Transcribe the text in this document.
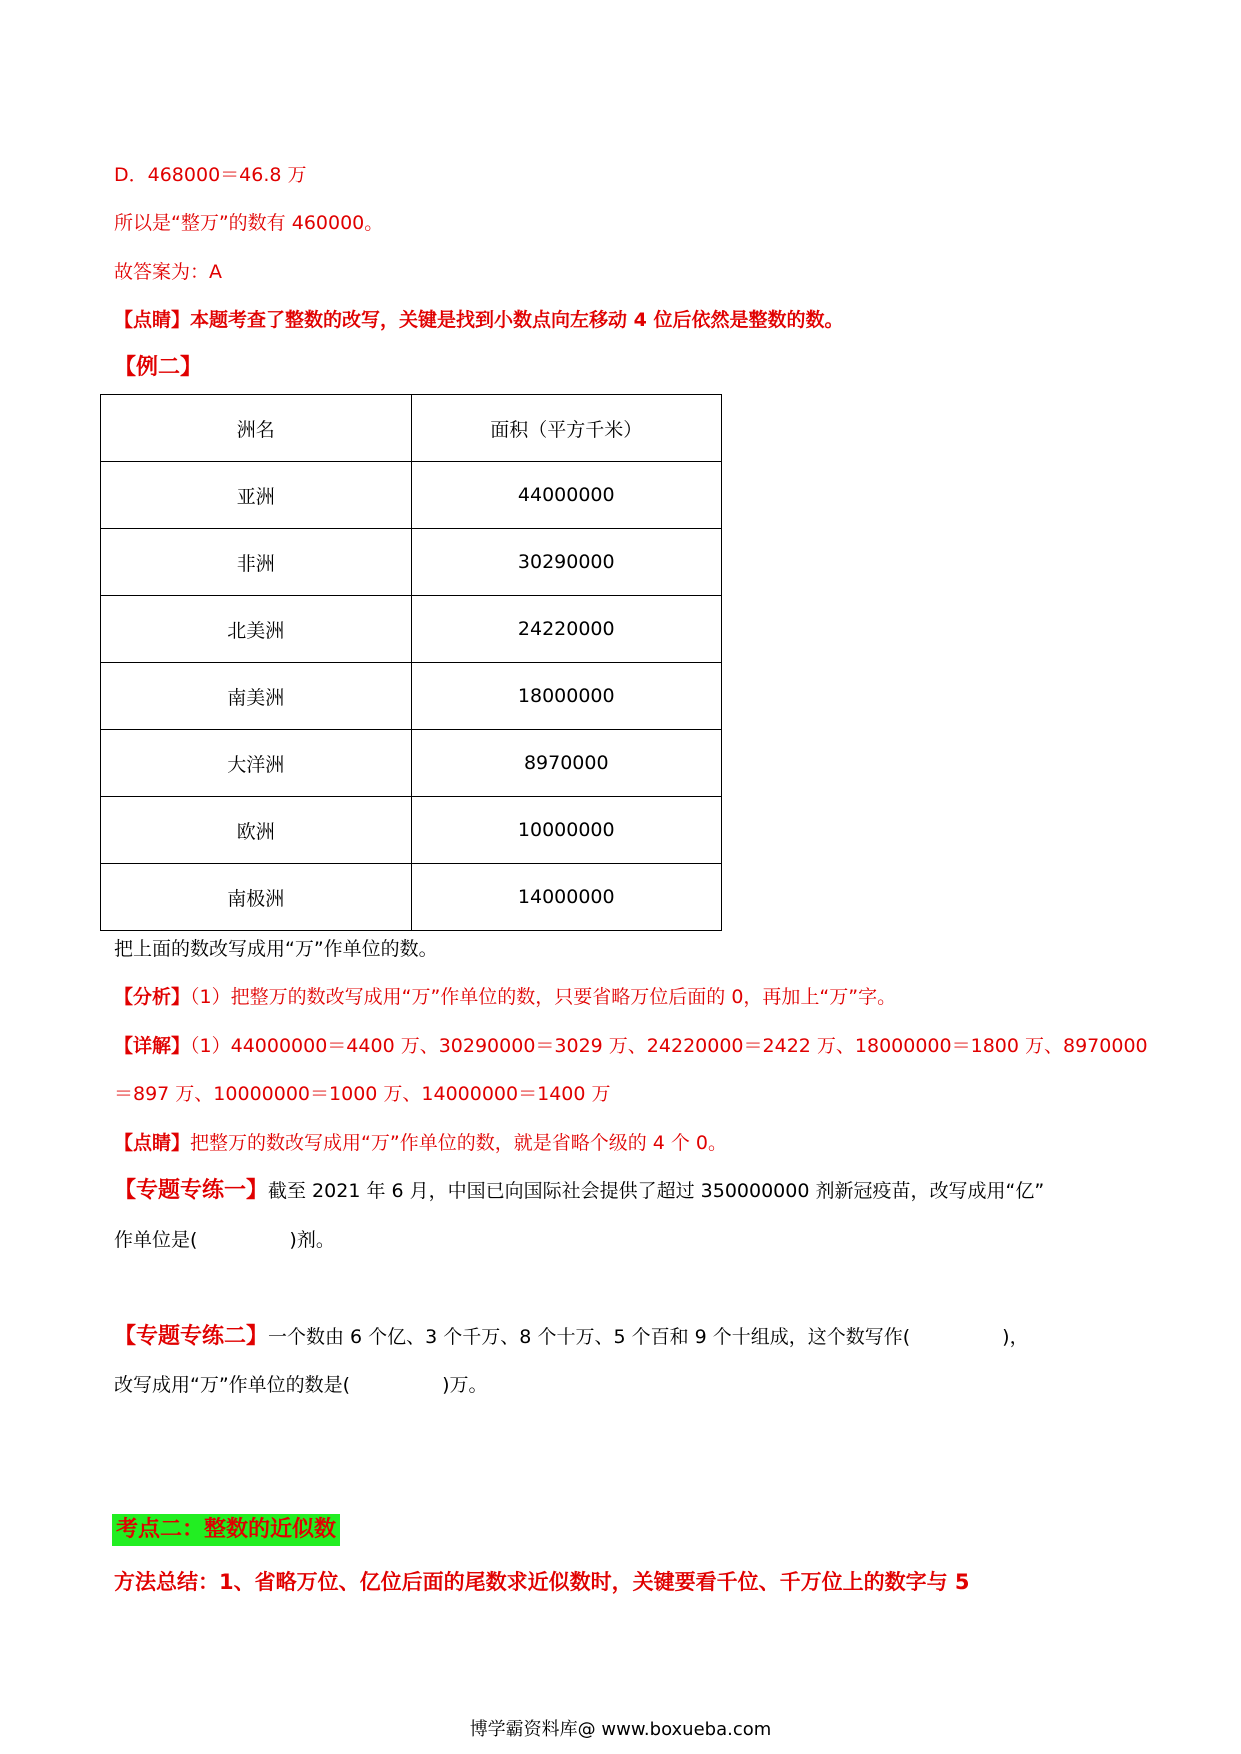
D．468000＝46.8 万
所以是“整万”的数有 460000。
故答案为：A
【点睛】本题考查了整数的改写，关键是找到小数点向左移动 4 位后依然是整数的数。
【例二】
洲名	面积（平方千米）
亚洲	44000000
非洲	30290000
北美洲	24220000
南美洲	18000000
大洋洲	8970000
欧洲	10000000
南极洲	14000000
把上面的数改写成用“万”作单位的数。
【分析】（1）把整万的数改写成用“万”作单位的数，只要省略万位后面的 0，再加上“万”字。
【详解】（1）44000000＝4400 万、30290000＝3029 万、24220000＝2422 万、18000000＝1800 万、8970000
＝897 万、10000000＝1000 万、14000000＝1400 万
【点睛】把整万的数改写成用“万”作单位的数，就是省略个级的 4 个 0。
【专题专练一】截至 2021 年 6 月，中国已向国际社会提供了超过 350000000 剂新冠疫苗，改写成用“亿”
作单位是(	)剂。
【专题专练二】一个数由 6 个亿、3 个千万、8 个十万、5 个百和 9 个十组成，这个数写作(	)，
改写成用“万”作单位的数是(	)万。
考点二：整数的近似数
方法总结：1、省略万位、亿位后面的尾数求近似数时，关键要看千位、千万位上的数字与 5
博学霸资料库@ www.boxueba.com
